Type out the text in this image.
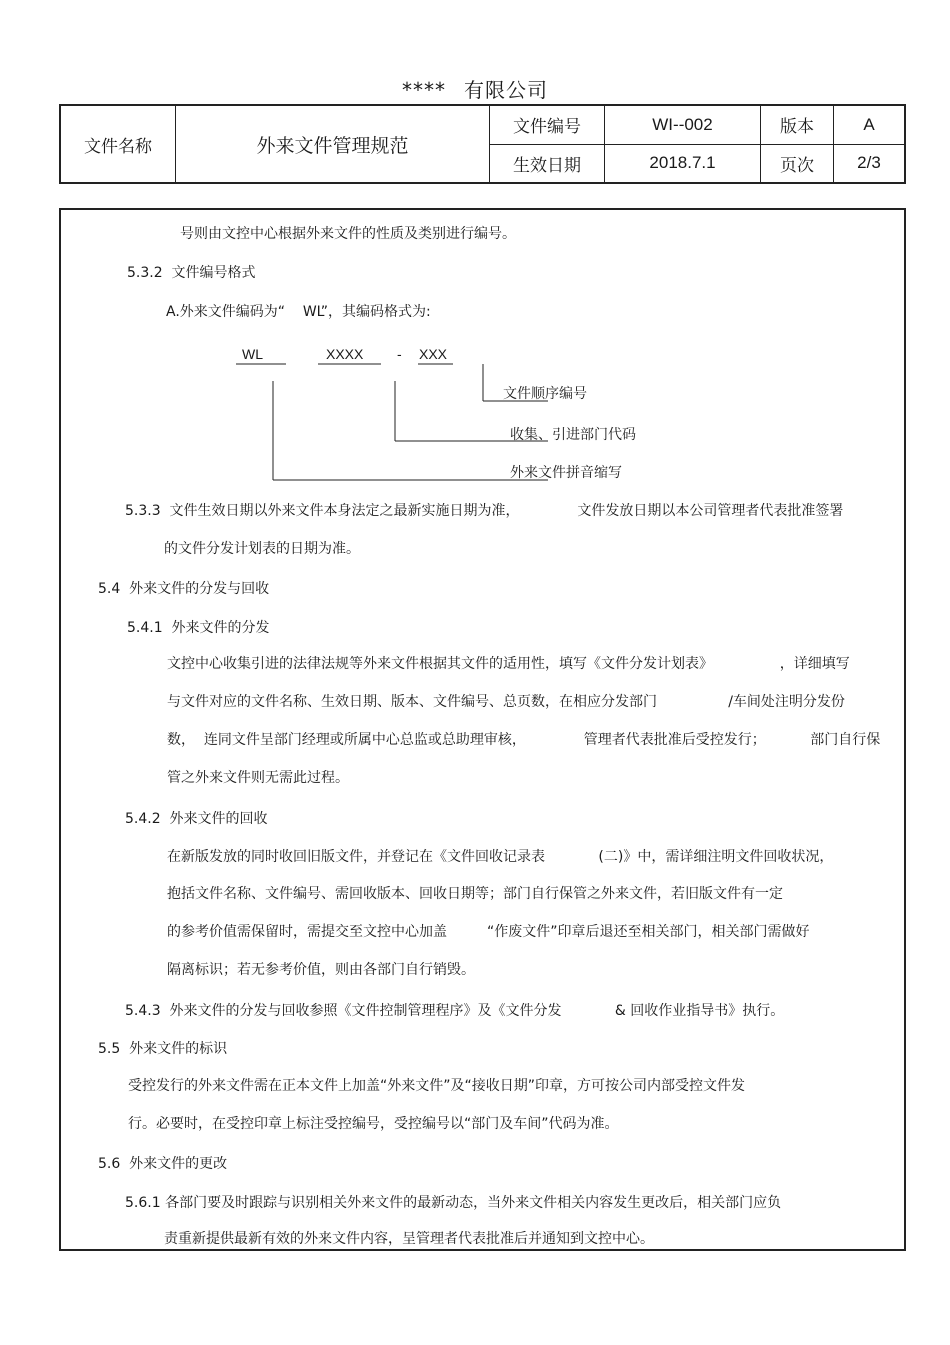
**** 有限公司
文件名称	外来文件管理规范	文件编号	WI--002	版本	A
		生效日期	2018.7.1	页次	2/3
号则由文控中心根据外来文件的性质及类别进行编号。
5.3.2  文件编号格式
A.外来文件编码为“    WL”，其编码格式为:
WL	XXXX - XXX
文件顺序编号
收集、引进部门代码
外来文件拼音缩写
5.3.3  文件生效日期以外来文件本身法定之最新实施日期为准，             文件发放日期以本公司管理者代表批准签署
的文件分发计划表的日期为准。
5.4  外来文件的分发与回收
5.4.1  外来文件的分发
文控中心收集引进的法律法规等外来文件根据其文件的适用性，填写《文件分发计划表》               ，详细填写
与文件对应的文件名称、生效日期、版本、文件编号、总页数，在相应分发部门                /车间处注明分发份
数，  连同文件呈部门经理或所属中心总监或总助理审核，             管理者代表批准后受控发行；          部门自行保
管之外来文件则无需此过程。
5.4.2  外来文件的回收
在新版发放的同时收回旧版文件，并登记在《文件回收记录表            (二)》中，需详细注明文件回收状况，
抱括文件名称、文件编号、需回收版本、回收日期等；部门自行保管之外来文件，若旧版文件有一定
的参考价值需保留时，需提交至文控中心加盖         “作废文件”印章后退还至相关部门，相关部门需做好
隔离标识；若无参考价值，则由各部门自行销毁。
5.4.3  外来文件的分发与回收参照《文件控制管理程序》及《文件分发            & 回收作业指导书》执行。
5.5  外来文件的标识
受控发行的外来文件需在正本文件上加盖“外来文件”及“接收日期”印章，方可按公司内部受控文件发
行。必要时，在受控印章上标注受控编号，受控编号以“部门及车间”代码为准。
5.6  外来文件的更改
5.6.1 各部门要及时跟踪与识别相关外来文件的最新动态，当外来文件相关内容发生更改后，相关部门应负
责重新提供最新有效的外来文件内容，呈管理者代表批准后并通知到文控中心。
